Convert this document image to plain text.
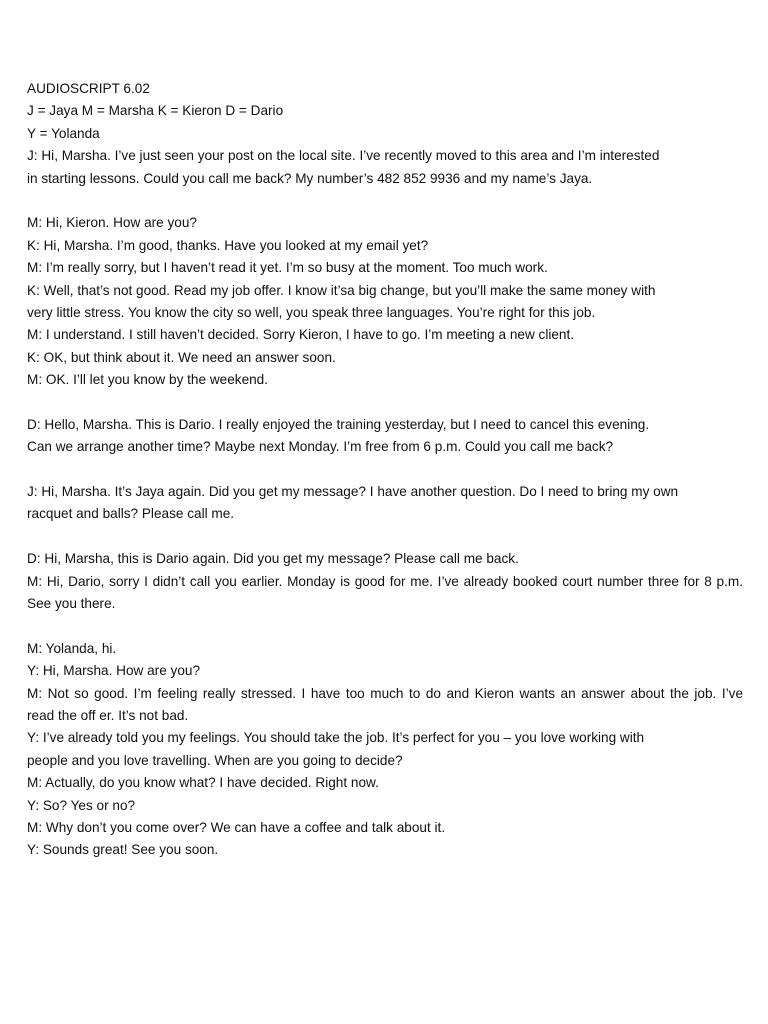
AUDIOSCRIPT 6.02
J = Jaya M = Marsha K = Kieron D = Dario
Y = Yolanda
J: Hi, Marsha. I’ve just seen your post on the local site. I’ve recently moved to this area and I’m interested
in starting lessons. Could you call me back? My number’s 482 852 9936 and my name’s Jaya.
M: Hi, Kieron. How are you?
K: Hi, Marsha. I’m good, thanks. Have you looked at my email yet?
M: I’m really sorry, but I haven’t read it yet. I’m so busy at the moment. Too much work.
K: Well, that’s not good. Read my job offer. I know it’sa big change, but you’ll make the same money with
very little stress. You know the city so well, you speak three languages. You’re right for this job.
M: I understand. I still haven’t decided. Sorry Kieron, I have to go. I’m meeting a new client.
K: OK, but think about it. We need an answer soon.
M: OK. I’ll let you know by the weekend.
D: Hello, Marsha. This is Dario. I really enjoyed the training yesterday, but I need to cancel this evening.
Can we arrange another time? Maybe next Monday. I’m free from 6 p.m. Could you call me back?
J: Hi, Marsha. It’s Jaya again. Did you get my message? I have another question. Do I need to bring my own
racquet and balls? Please call me.
D: Hi, Marsha, this is Dario again. Did you get my message? Please call me back.
M: Hi, Dario, sorry I didn’t call you earlier. Monday is good for me. I’ve already booked court number three for 8 p.m.
See you there.
M: Yolanda, hi.
Y: Hi, Marsha. How are you?
M: Not so good. I’m feeling really stressed. I have too much to do and Kieron wants an answer about the job. I’ve
read the off er. It’s not bad.
Y: I’ve already told you my feelings. You should take the job. It’s perfect for you – you love working with
people and you love travelling. When are you going to decide?
M: Actually, do you know what? I have decided. Right now.
Y: So? Yes or no?
M: Why don’t you come over? We can have a coffee and talk about it.
Y: Sounds great! See you soon.
